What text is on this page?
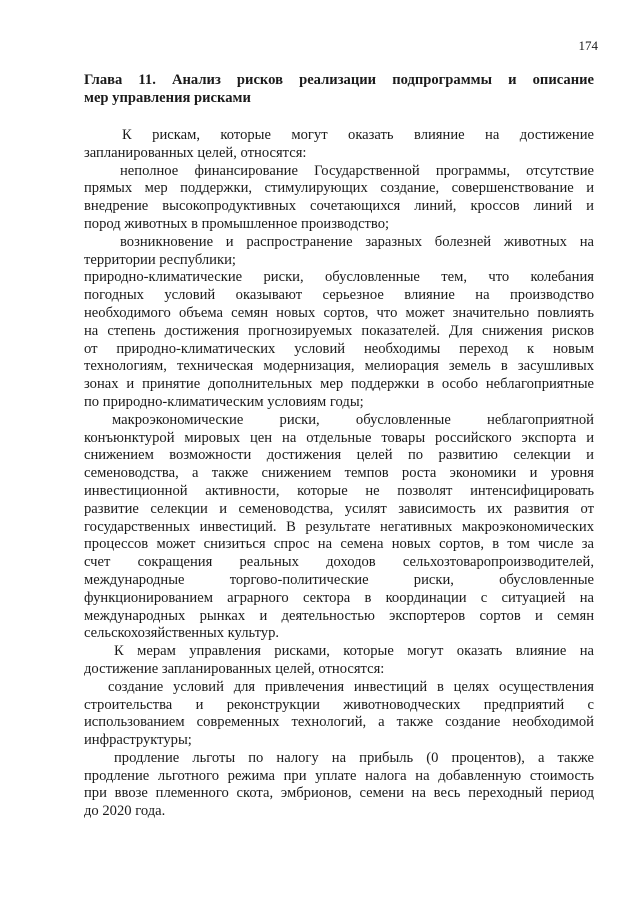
174
Глава 11. Анализ рисков реализации подпрограммы и описание
мер управления рисками
К рискам, которые могут оказать влияние на достижение
запланированных целей, относятся:
неполное финансирование Государственной программы, отсутствие
прямых мер поддержки, стимулирующих создание, совершенствование и
внедрение высокопродуктивных сочетающихся линий, кроссов линий и
пород животных в промышленное производство;
возникновение и распространение заразных болезней животных на
территории республики;
природно-климатические риски, обусловленные тем, что колебания
погодных условий оказывают серьезное влияние на производство
необходимого объема семян новых сортов, что может значительно повлиять
на степень достижения прогнозируемых показателей. Для снижения рисков
от природно-климатических условий необходимы переход к новым
технологиям, техническая модернизация, мелиорация земель в засушливых
зонах и принятие дополнительных мер поддержки в особо неблагоприятные
по природно-климатическим условиям годы;
макроэкономические риски, обусловленные неблагоприятной
конъюнктурой мировых цен на отдельные товары российского экспорта и
снижением возможности достижения целей по развитию селекции и
семеноводства, а также снижением темпов роста экономики и уровня
инвестиционной активности, которые не позволят интенсифицировать
развитие селекции и семеноводства, усилят зависимость их развития от
государственных инвестиций. В результате негативных макроэкономических
процессов может снизиться спрос на семена новых сортов, в том числе за
счет сокращения реальных доходов сельхозтоваропроизводителей,
международные торгово-политические риски, обусловленные
функционированием аграрного сектора в координации с ситуацией на
международных рынках и деятельностью экспортеров сортов и семян
сельскохозяйственных культур.
К мерам управления рисками, которые могут оказать влияние на
достижение запланированных целей, относятся:
создание условий для привлечения инвестиций в целях осуществления
строительства и реконструкции животноводческих предприятий с
использованием современных технологий, а также создание необходимой
инфраструктуры;
продление льготы по налогу на прибыль (0 процентов), а также
продление льготного режима при уплате налога на добавленную стоимость
при ввозе племенного скота, эмбрионов, семени на весь переходный период
до 2020 года.
